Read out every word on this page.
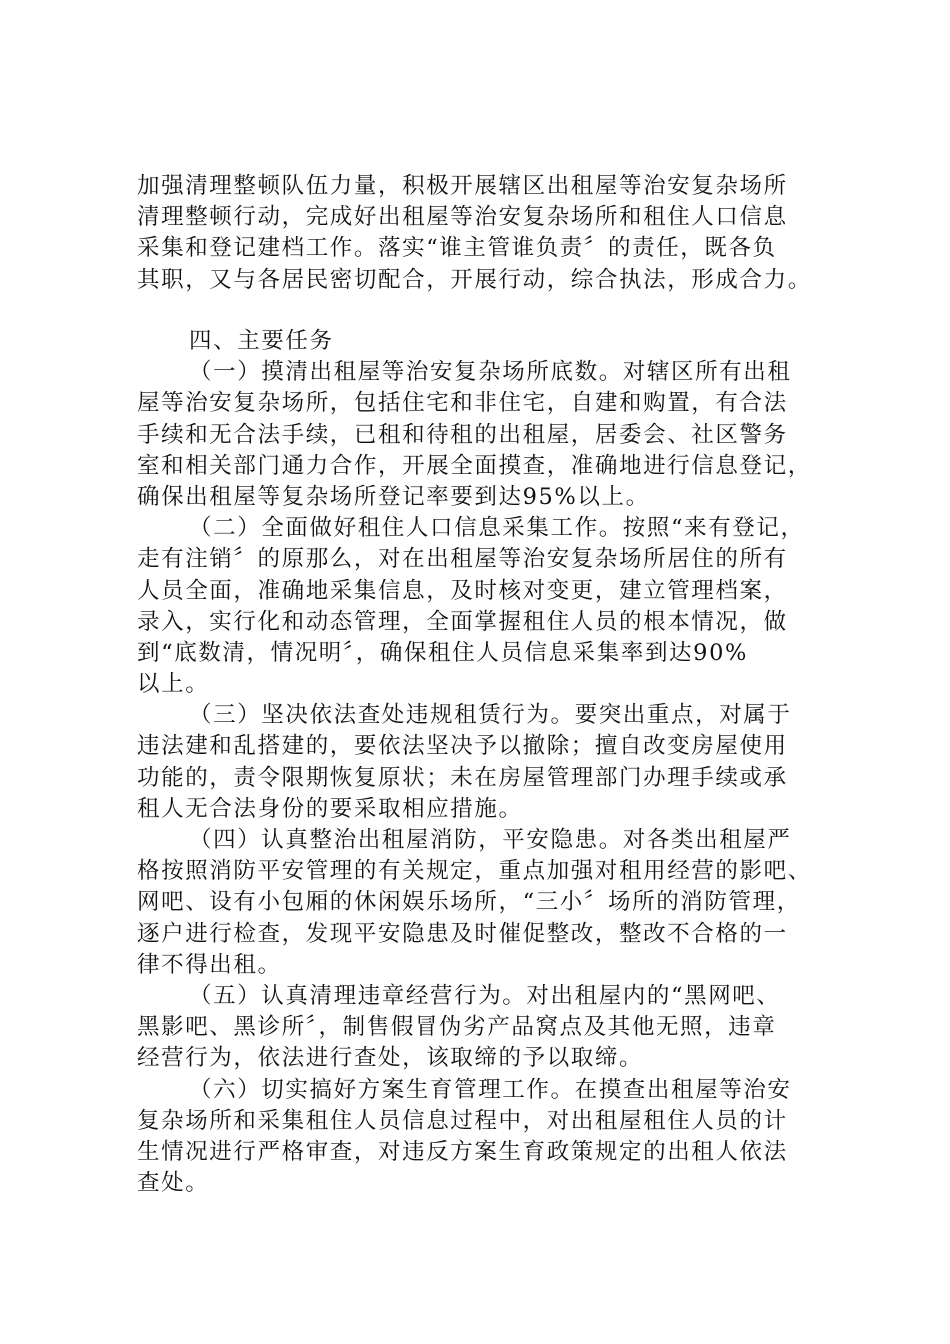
加强清理整顿队伍力量，积极开展辖区出租屋等治安复杂场所
清理整顿行动，完成好出租屋等治安复杂场所和租住人口信息
采集和登记建档工作。落实“谁主管谁负责〞的责任，既各负
其职，又与各居民密切配合，开展行动，综合执法，形成合力。
四、主要任务
（一）摸清出租屋等治安复杂场所底数。对辖区所有出租
屋等治安复杂场所，包括住宅和非住宅，自建和购置，有合法
手续和无合法手续，已租和待租的出租屋，居委会、社区警务
室和相关部门通力合作，开展全面摸查，准确地进行信息登记，
确保出租屋等复杂场所登记率要到达95%以上。
（二）全面做好租住人口信息采集工作。按照“来有登记，
走有注销〞的原那么，对在出租屋等治安复杂场所居住的所有
人员全面，准确地采集信息，及时核对变更，建立管理档案，
录入，实行化和动态管理，全面掌握租住人员的根本情况，做
到“底数清，情况明〞，确保租住人员信息采集率到达90%
以上。
（三）坚决依法查处违规租赁行为。要突出重点，对属于
违法建和乱搭建的，要依法坚决予以撤除；擅自改变房屋使用
功能的，责令限期恢复原状；未在房屋管理部门办理手续或承
租人无合法身份的要采取相应措施。
（四）认真整治出租屋消防，平安隐患。对各类出租屋严
格按照消防平安管理的有关规定，重点加强对租用经营的影吧、
网吧、设有小包厢的休闲娱乐场所，“三小〞场所的消防管理，
逐户进行检查，发现平安隐患及时催促整改，整改不合格的一
律不得出租。
（五）认真清理违章经营行为。对出租屋内的“黑网吧、
黑影吧、黑诊所〞，制售假冒伪劣产品窝点及其他无照，违章
经营行为，依法进行查处，该取缔的予以取缔。
（六）切实搞好方案生育管理工作。在摸查出租屋等治安
复杂场所和采集租住人员信息过程中，对出租屋租住人员的计
生情况进行严格审查，对违反方案生育政策规定的出租人依法
查处。
